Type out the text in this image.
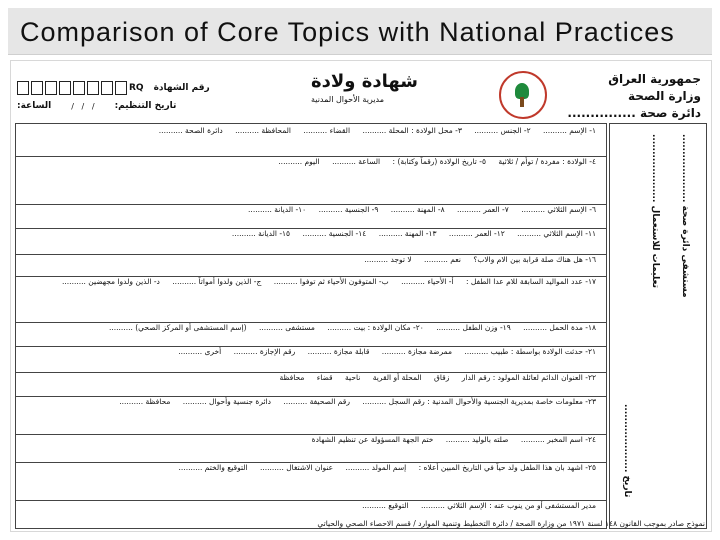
Comparison of Core Topics with National Practices
RQ رقم الشهادة
الساعة:	/   /   / تاريخ التنظيم:
شهادة ولادة
مديرية الأحوال المدنية
جمهورية العراق
وزارة الصحة
دائرة صحة ...............
١- الإسم .......... ٢- الجنس .......... ٣- محل الولادة : المحلة .......... القضاء .......... المحافظة .......... دائرة الصحة ..........
٤- الولادة : مفردة / توأم / ثلاثية ٥- تاريخ الولادة (رقماً وكتابة) : الساعة .......... اليوم ..........
٦- الإسم الثلاثي .......... ٧- العمر .......... ٨- المهنة .......... ٩- الجنسية .......... ١٠- الديانة ..........
١١- الإسم الثلاثي .......... ١٢- العمر .......... ١٣- المهنة .......... ١٤- الجنسية .......... ١٥- الديانة ..........
١٦- هل هناك صلة قرابة بين الام والاب؟ نعم .......... لا توجد ..........
١٧- عدد المواليد السابقة للام عدا الطفل : أ- الأحياء .......... ب- المتوفون الأحياء ثم توفوا .......... ج- الذين ولدوا أمواتاً .......... د- الذين ولدوا مجهضين ..........
١٨- مدة الحمل .......... ١٩- وزن الطفل .......... ٢٠- مكان الولادة : بيت .......... مستشفى .......... (إسم المستشفى أو المركز الصحي) ..........
٢١- حدثت الولادة بواسطة : طبيب .......... ممرضة مجازة .......... قابلة مجازة .......... رقم الإجازة .......... أخرى ..........
٢٢- العنوان الدائم لعائلة المولود : رقم الدار زقاق المحلة أو القرية ناحية قضاء محافظة
٢٣- معلومات خاصة بمديرية الجنسية والأحوال المدنية : رقم السجل .......... رقم الصحيفة .......... دائرة جنسية وأحوال .......... محافظة ..........
٢٤- اسم المخبر .......... صلته بالوليد .......... ختم الجهة المسؤولة عن تنظيم الشهادة
٢٥- اشهد بان هذا الطفل ولد حياً في التاريخ المبين أعلاه : إسم المولد .......... عنوان الاشتغال .......... التوقيع والختم ..........
مدير المستشفى أو من ينوب عنه : الإسم الثلاثي .......... التوقيع ..........
مستشفى دائرة صحة ....................
تعليمات للاستعمال ....................
تاريخ ....................
نموذج صادر بموجب القانون ١٤٨ لسنة ١٩٧١ من وزارة الصحة / دائرة التخطيط وتنمية الموارد / قسم الاحصاء الصحي والحياتي
